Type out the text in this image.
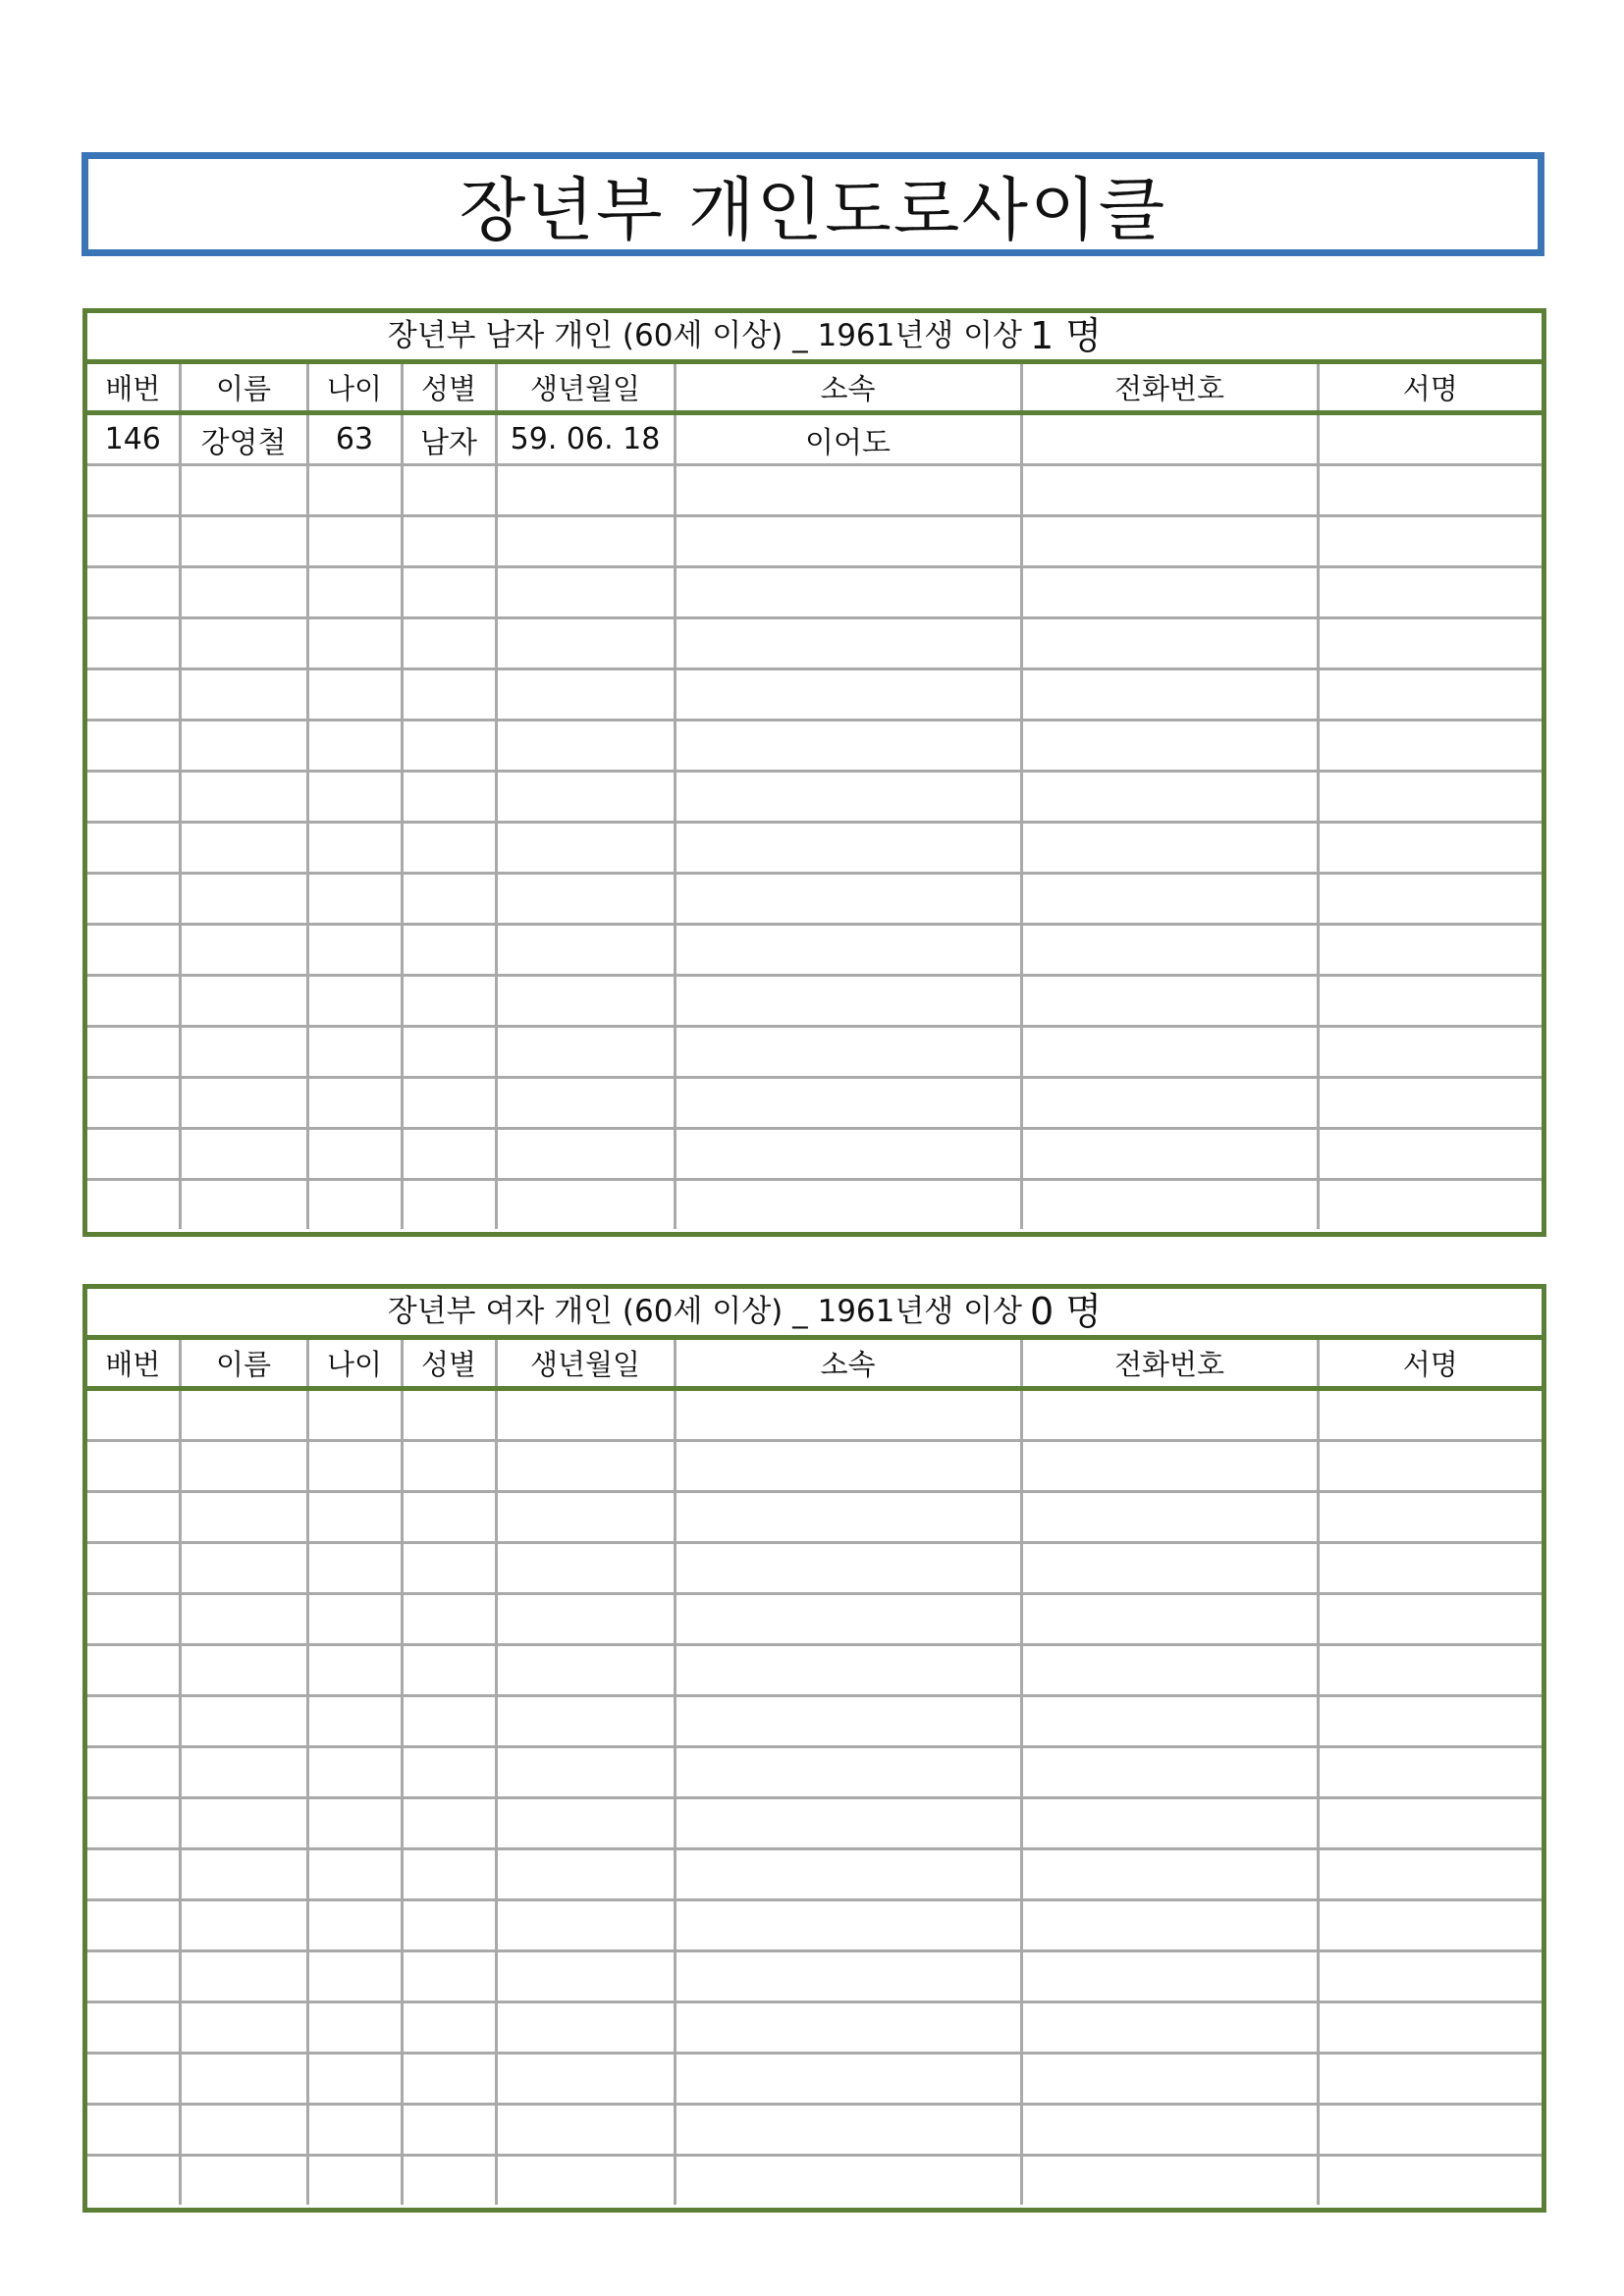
장년부 개인도로사이클
장년부 남자 개인 (60세 이상) _ 1961년생 이상 1 명
배번	이름	나이	성별	생년월일	소속	전화번호	서명
146	강영철	63	남자	59. 06. 18	이어도		

장년부 여자 개인 (60세 이상) _ 1961년생 이상 0 명
배번	이름	나이	성별	생년월일	소속	전화번호	서명
